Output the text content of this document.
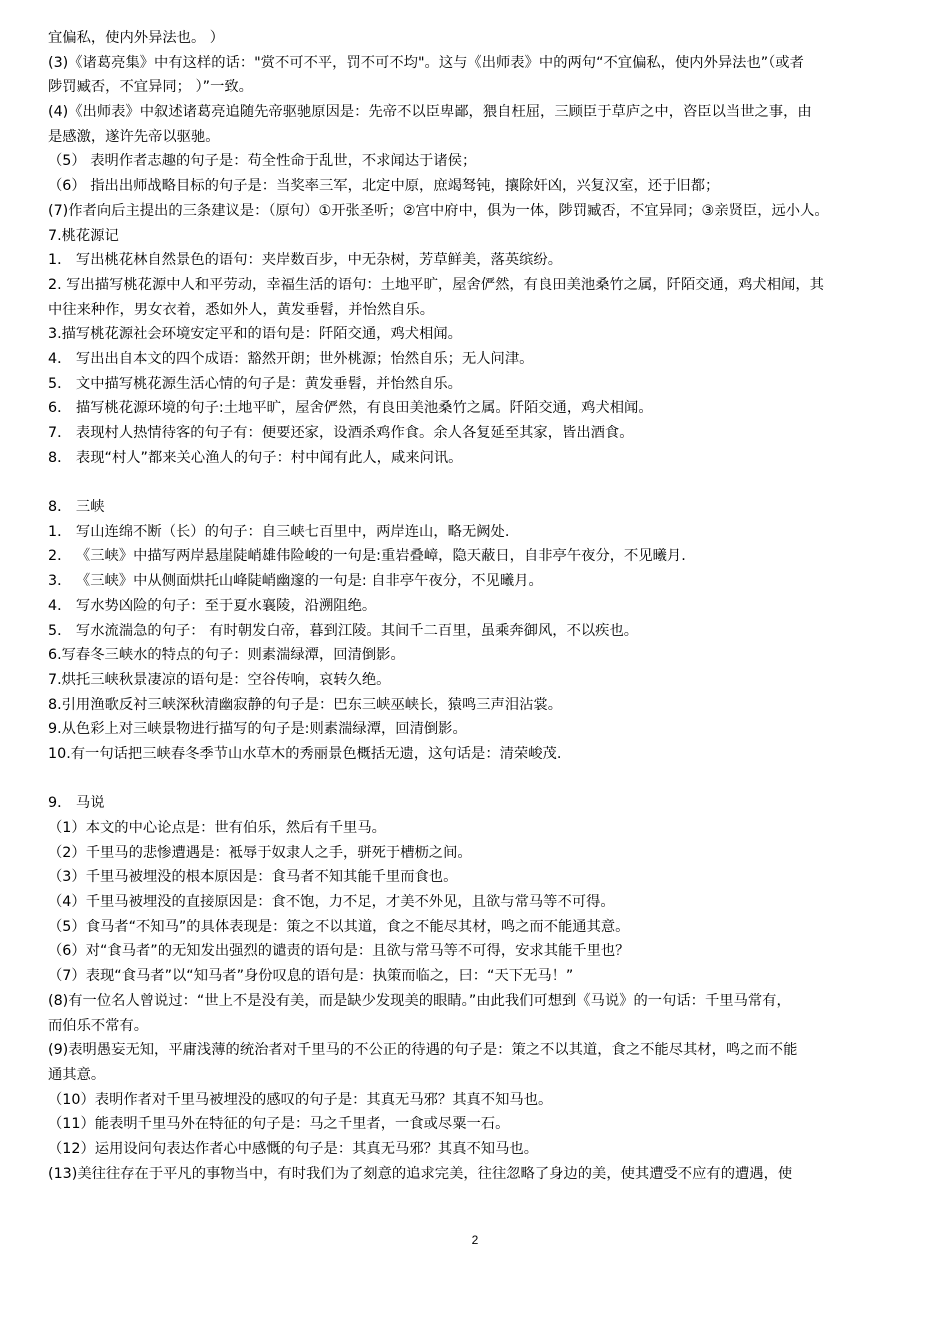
宜偏私，使内外异法也。 ）
(3)《诸葛亮集》中有这样的话："赏不可不平，罚不可不均"。这与《出师表》中的两句“不宜偏私，使内外异法也”（或者
陟罚臧否，不宜异同； ）”一致。
(4)《出师表》中叙述诸葛亮追随先帝驱驰原因是：先帝不以臣卑鄙，猥自枉屈，三顾臣于草庐之中，咨臣以当世之事，由
是感激，遂许先帝以驱驰。
（5） 表明作者志趣的句子是：苟全性命于乱世，不求闻达于诸侯；
（6） 指出出师战略目标的句子是：当奖率三军，北定中原，庶竭驽钝，攘除奸凶，兴复汉室，还于旧都；
(7)作者向后主提出的三条建议是：（原句）①开张圣听；②宫中府中，俱为一体，陟罚臧否，不宜异同；③亲贤臣，远小人。
7.桃花源记
1． 写出桃花林自然景色的语句：夹岸数百步，中无杂树，芳草鲜美，落英缤纷。
2. 写出描写桃花源中人和平劳动，幸福生活的语句：土地平旷，屋舍俨然，有良田美池桑竹之属，阡陌交通，鸡犬相闻，其
中往来种作，男女衣着，悉如外人，黄发垂髫，并怡然自乐。
3.描写桃花源社会环境安定平和的语句是：阡陌交通，鸡犬相闻。
4． 写出出自本文的四个成语：豁然开朗；世外桃源；怡然自乐；无人问津。
5． 文中描写桃花源生活心情的句子是：黄发垂髫，并怡然自乐。
6． 描写桃花源环境的句子:土地平旷，屋舍俨然，有良田美池桑竹之属。阡陌交通，鸡犬相闻。
7． 表现村人热情待客的句子有：便要还家，设酒杀鸡作食。余人各复延至其家，皆出酒食。
8． 表现“村人”都来关心渔人的句子：村中闻有此人，咸来问讯。
8． 三峡
1． 写山连绵不断（长）的句子：自三峡七百里中，两岸连山，略无阙处.
2． 《三峡》中描写两岸悬崖陡峭雄伟险峻的一句是:重岩叠嶂，隐天蔽日，自非亭午夜分，不见曦月.
3． 《三峡》中从侧面烘托山峰陡峭幽邃的一句是: 自非亭午夜分，不见曦月。
4． 写水势凶险的句子：至于夏水襄陵，沿溯阻绝。
5． 写水流湍急的句子： 有时朝发白帝，暮到江陵。其间千二百里，虽乘奔御风，不以疾也。
6.写春冬三峡水的特点的句子：则素湍绿潭，回清倒影。
7.烘托三峡秋景凄凉的语句是：空谷传响，哀转久绝。
8.引用渔歌反衬三峡深秋清幽寂静的句子是：巴东三峡巫峡长，猿鸣三声泪沾裳。
9.从色彩上对三峡景物进行描写的句子是:则素湍绿潭，回清倒影。
10.有一句话把三峡春冬季节山水草木的秀丽景色概括无遗，这句话是：清荣峻茂.
9． 马说
（1）本文的中心论点是：世有伯乐，然后有千里马。
（2）千里马的悲惨遭遇是：袛辱于奴隶人之手，骈死于槽枥之间。
（3）千里马被埋没的根本原因是：食马者不知其能千里而食也。
（4）千里马被埋没的直接原因是：食不饱，力不足，才美不外见，且欲与常马等不可得。
（5）食马者“不知马”的具体表现是：策之不以其道，食之不能尽其材，鸣之而不能通其意。
（6）对“食马者”的无知发出强烈的谴责的语句是：且欲与常马等不可得，安求其能千里也？
（7）表现“食马者”以“知马者”身份叹息的语句是：执策而临之，曰：“天下无马！”
(8)有一位名人曾说过：“世上不是没有美，而是缺少发现美的眼睛。”由此我们可想到《马说》的一句话：千里马常有，
而伯乐不常有。
(9)表明愚妄无知，平庸浅薄的统治者对千里马的不公正的待遇的句子是：策之不以其道，食之不能尽其材，鸣之而不能
通其意。
（10）表明作者对千里马被埋没的感叹的句子是：其真无马邪？其真不知马也。
（11）能表明千里马外在特征的句子是：马之千里者，一食或尽粟一石。
（12）运用设问句表达作者心中感慨的句子是：其真无马邪？其真不知马也。
(13)美往往存在于平凡的事物当中，有时我们为了刻意的追求完美，往往忽略了身边的美，使其遭受不应有的遭遇，使
2
